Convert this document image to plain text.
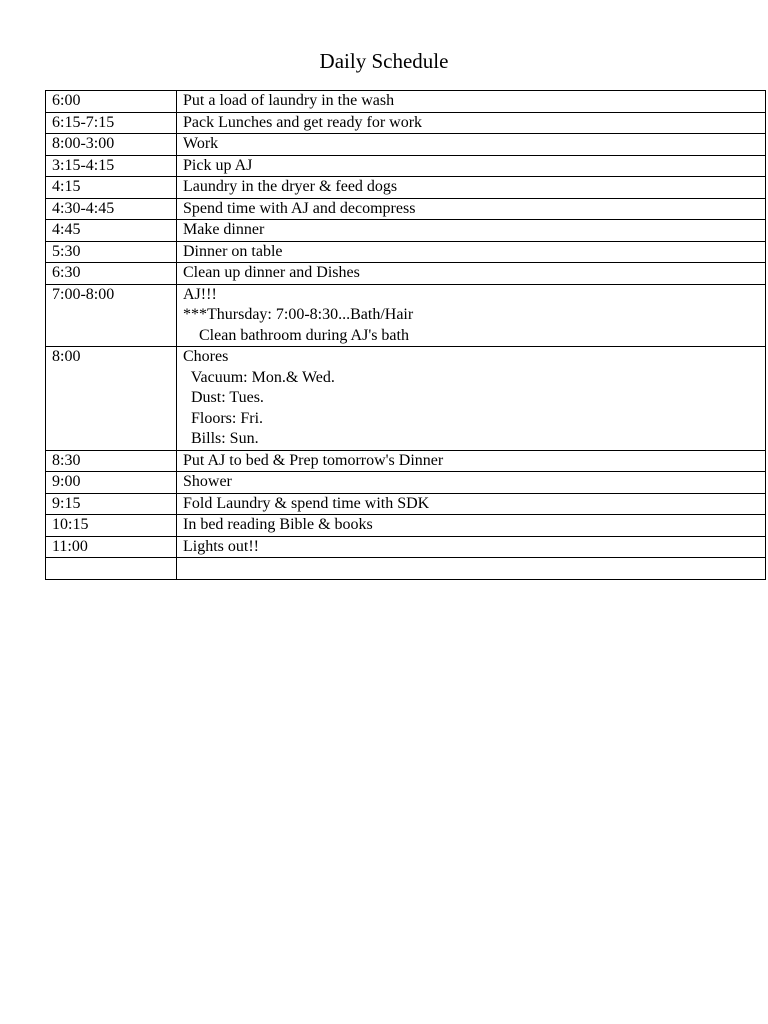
Daily Schedule
6:00	Put a load of laundry in the wash

6:15-7:15	Pack Lunches and get ready for work

8:00-3:00	Work

3:15-4:15	Pick up AJ

4:15	Laundry in the dryer & feed dogs

4:30-4:45	Spend time with AJ and decompress

4:45	Make dinner

5:30	Dinner on table

6:30	Clean up dinner and Dishes

7:00-8:00	AJ!!!
***Thursday: 7:00-8:30...Bath/Hair
Clean bathroom during AJ's bath

8:00	Chores
Vacuum: Mon.& Wed.
Dust: Tues.
Floors: Fri.
Bills: Sun.

8:30	Put AJ to bed & Prep tomorrow's Dinner

9:00	Shower

9:15	Fold Laundry & spend time with SDK

10:15	In bed reading Bible & books

11:00	Lights out!!
